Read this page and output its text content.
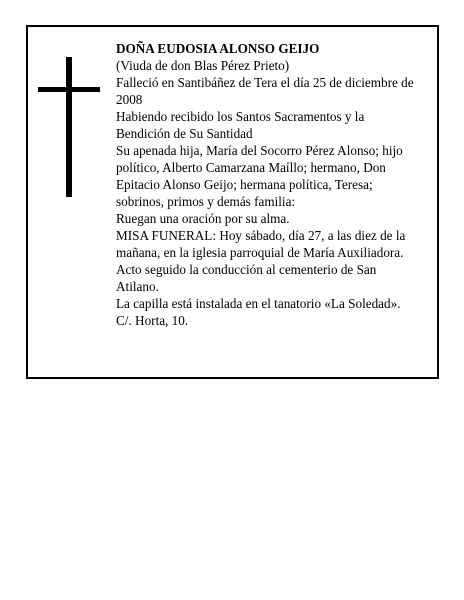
DOÑA EUDOSIA ALONSO GEIJO
(Viuda de don Blas Pérez Prieto)
Falleció en Santibáñez de Tera el día 25 de diciembre de 2008
Habiendo recibido los Santos Sacramentos y la Bendición de Su Santidad
Su apenada hija, María del Socorro Pérez Alonso; hijo político, Alberto Camarzana Maíllo; hermano, Don Epitacio Alonso Geijo; hermana política, Teresa; sobrinos, primos y demás familia:
Ruegan una oración por su alma.
MISA FUNERAL: Hoy sábado, día 27, a las diez de la mañana, en la iglesia parroquial de María Auxiliadora.
Acto seguido la conducción al cementerio de San Atilano.
La capilla está instalada en el tanatorio «La Soledad».
C/. Horta, 10.
